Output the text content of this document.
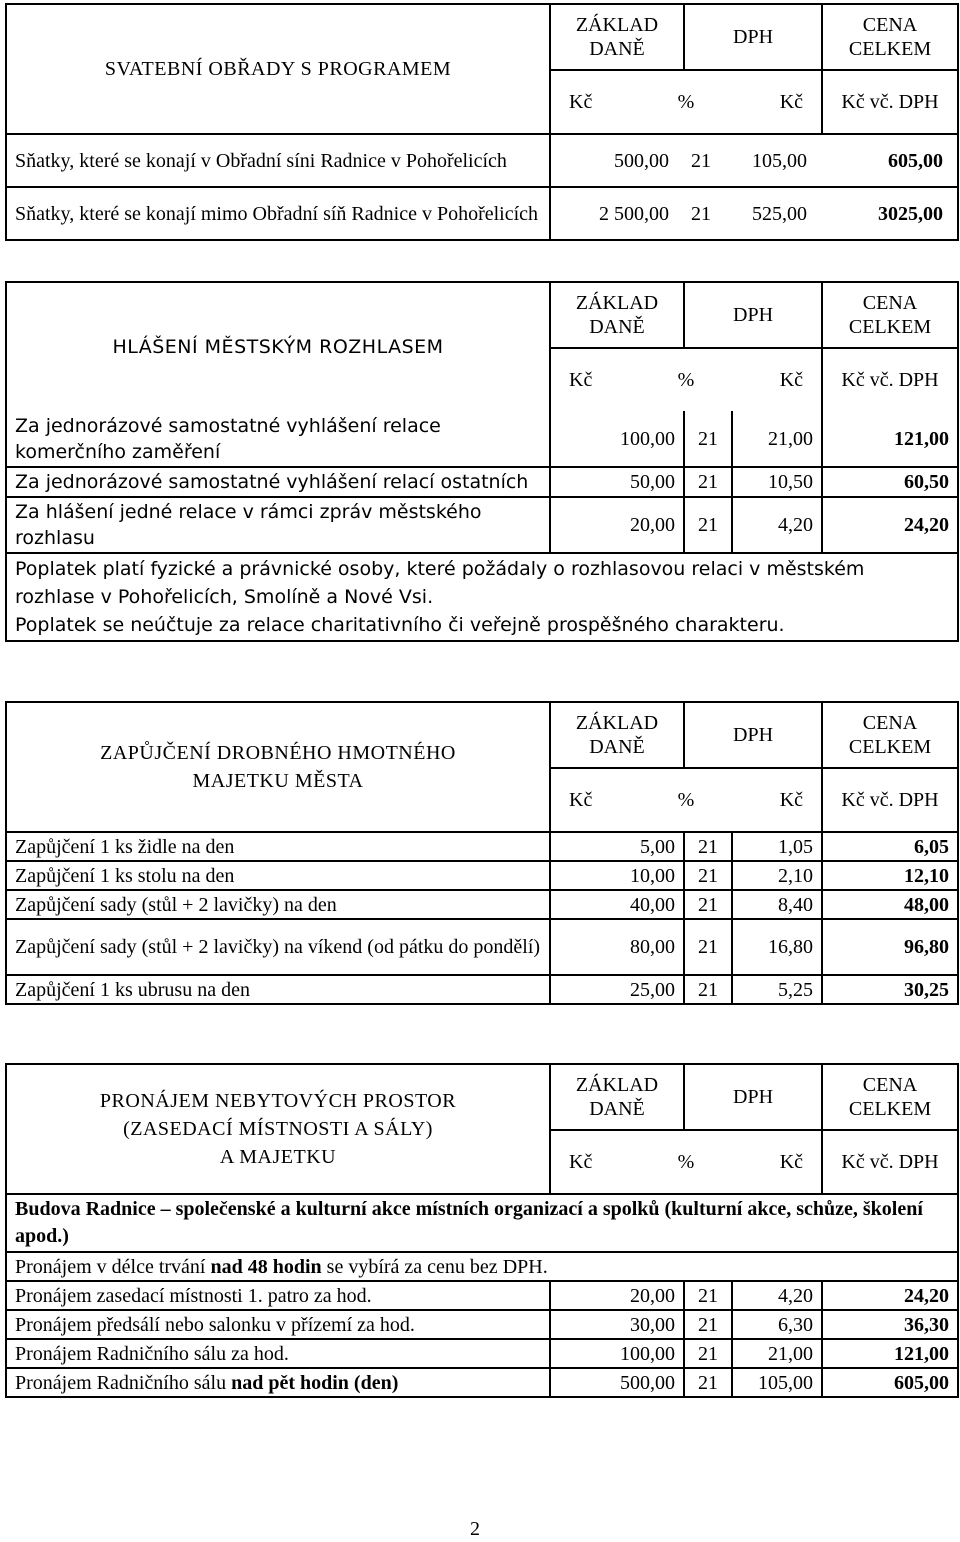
SVATEBNÍ OBŘADY S PROGRAMEM	ZÁKLAD DANĚ	DPH	CENA CELKEM

	Kč % Kč		Kč vč. DPH
Sňatky, které se konají v Obřadní síni Radnice v Pohořelicích	500,00 21 105,00 605,00		

Sňatky, které se konají mimo Obřadní síň Radnice v Pohořelicích	2 500,00 21 525,00 3025,00		
HLÁŠENÍ MĚSTSKÝM ROZHLASEM	ZÁKLAD DANĚ	DPH		CENA CELKEM

	Kč % Kč			Kč vč. DPH
Za jednorázové samostatné vyhlášení relace komerčního zaměření	100,00	21	21,00	121,00
Za jednorázové samostatné vyhlášení relací ostatních	50,00	21	10,50	60,50
Za hlášení jedné relace v rámci zpráv městského rozhlasu	20,00	21	4,20	24,20

Poplatek platí fyzické a právnické osoby, které požádaly o rozhlasovou relaci v městském rozhlase v Pohořelicích, Smolíně a Nové Vsi.
Poplatek se neúčtuje za relace charitativního či veřejně prospěšného charakteru.				
ZAPŮJČENÍ DROBNÉHO HMOTNÉHO
MAJETKU MĚSTA	ZÁKLAD DANĚ	DPH		CENA CELKEM

	Kč % Kč			Kč vč. DPH
Zapůjčení 1 ks židle na den	5,00	21	1,05	6,05
Zapůjčení 1 ks stolu na den	10,00	21	2,10	12,10
Zapůjčení sady (stůl + 2 lavičky) na den	40,00	21	8,40	48,00
Zapůjčení sady (stůl + 2 lavičky) na víkend (od pátku do pondělí)	80,00	21	16,80	96,80
Zapůjčení 1 ks ubrusu na den	25,00	21	5,25	30,25
PRONÁJEM NEBYTOVÝCH PROSTOR
(ZASEDACÍ MÍSTNOSTI A SÁLY)
A MAJETKU	ZÁKLAD DANĚ	DPH		CENA CELKEM

	Kč % Kč			Kč vč. DPH
Budova Radnice – společenské a kulturní akce místních organizací a spolků (kulturní akce, schůze, školení apod.)				
Pronájem v délce trvání nad 48 hodin se vybírá za cenu bez DPH.				
Pronájem zasedací místnosti 1. patro za hod.	20,00	21	4,20	24,20
Pronájem předsálí nebo salonku v přízemí za hod.	30,00	21	6,30	36,30
Pronájem Radničního sálu za hod.	100,00	21	21,00	121,00
Pronájem Radničního sálu nad pět hodin (den)	500,00	21	105,00	605,00
2
